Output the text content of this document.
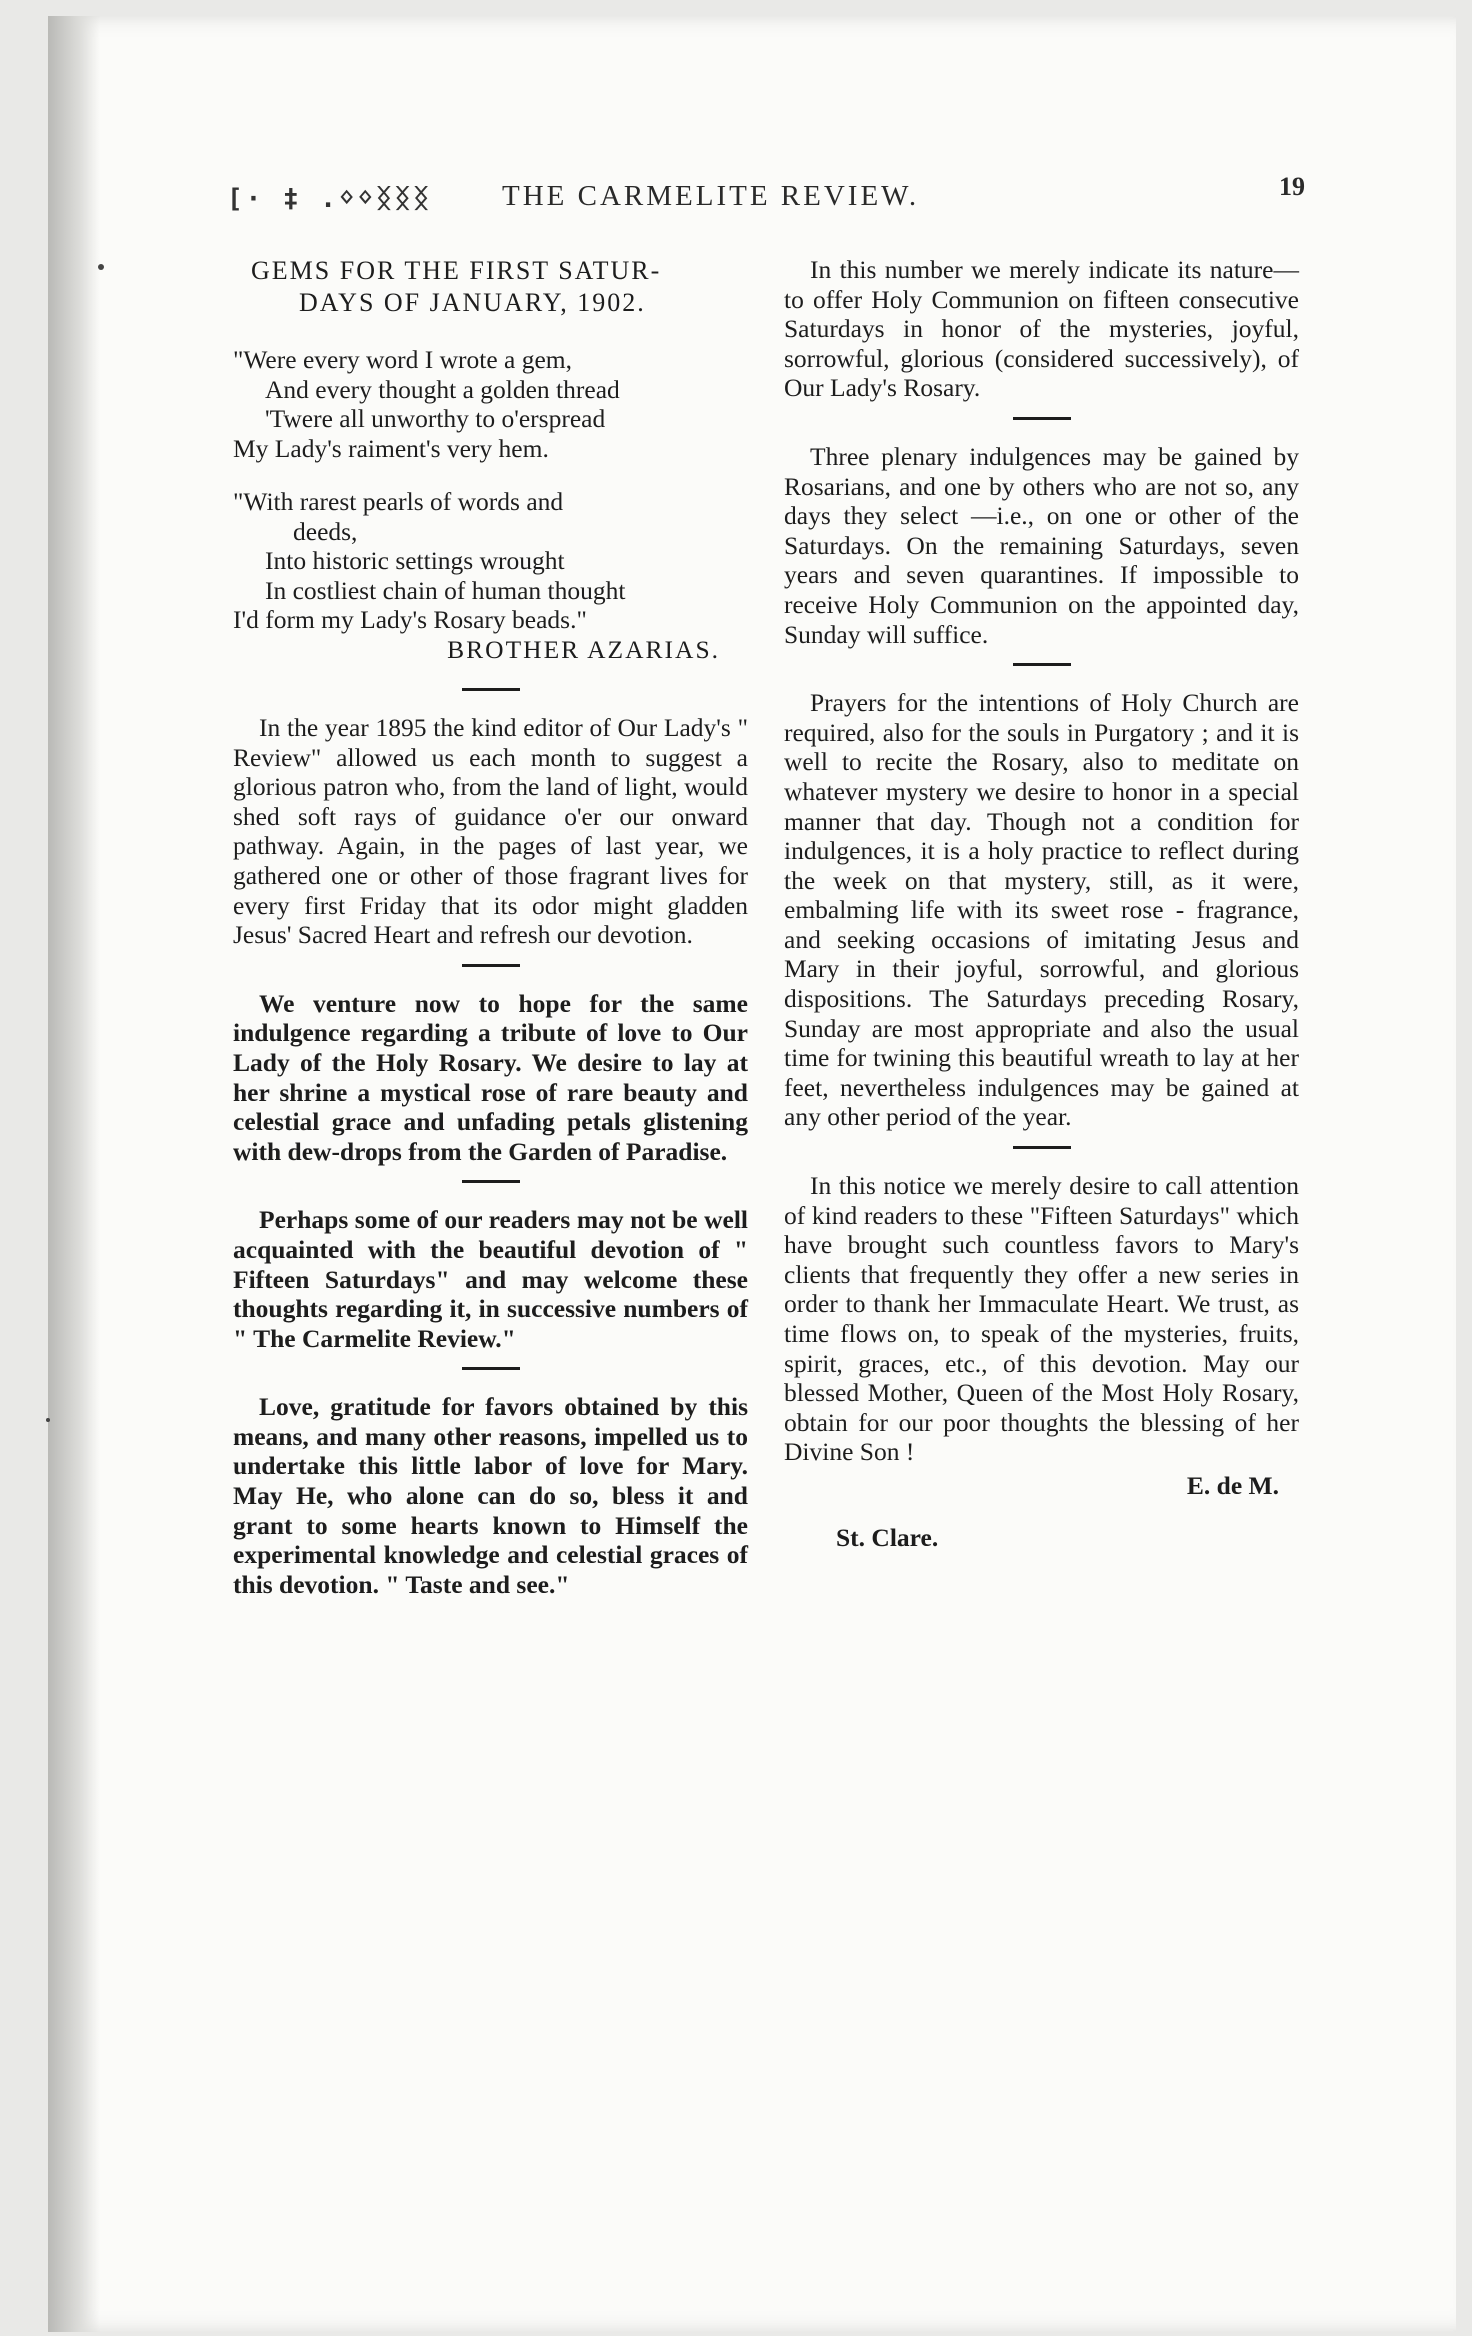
[· ‡ .ᛜᛜᛝᛝᛝ THE CARMELITE REVIEW.	19
GEMS FOR THE FIRST SATUR-
DAYS OF JANUARY, 1902.
"Were every word I wrote a gem,
And every thought a golden thread
'Twere all unworthy to o'erspread
My Lady's raiment's very hem.
"With rarest pearls of words and
deeds,
Into historic settings wrought
In costliest chain of human thought
I'd form my Lady's Rosary beads."
BROTHER AZARIAS.

In the year 1895 the kind editor of Our Lady's " Review" allowed us each month to suggest a glorious patron who, from the land of light, would shed soft rays of guidance o'er our onward pathway. Again, in the pages of last year, we gathered one or other of those fragrant lives for every first Friday that its odor might gladden Jesus' Sacred Heart and refresh our devotion.

We venture now to hope for the same indulgence regarding a tribute of love to Our Lady of the Holy Rosary. We desire to lay at her shrine a mystical rose of rare beauty and celestial grace and unfading petals glistening with dew-drops from the Garden of Paradise.

Perhaps some of our readers may not be well acquainted with the beautiful devotion of " Fifteen Saturdays" and may welcome these thoughts regarding it, in successive numbers of " The Carmelite Review."

Love, gratitude for favors obtained by this means, and many other reasons, impelled us to undertake this little labor of love for Mary. May He, who alone can do so, bless it and grant to some hearts known to Himself the experimental knowledge and celestial graces of this devotion. " Taste and see."

In this number we merely indicate its nature—to offer Holy Communion on fifteen consecutive Saturdays in honor of the mysteries, joyful, sorrowful, glorious (considered successively), of Our Lady's Rosary.

Three plenary indulgences may be gained by Rosarians, and one by others who are not so, any days they select —i.e., on one or other of the Saturdays. On the remaining Saturdays, seven years and seven quarantines. If impossible to receive Holy Communion on the appointed day, Sunday will suffice.

Prayers for the intentions of Holy Church are required, also for the souls in Purgatory ; and it is well to recite the Rosary, also to meditate on whatever mystery we desire to honor in a special manner that day. Though not a condition for indulgences, it is a holy practice to reflect during the week on that mystery, still, as it were, embalming life with its sweet rose - fragrance, and seeking occasions of imitating Jesus and Mary in their joyful, sorrowful, and glorious dispositions. The Saturdays preceding Rosary, Sunday are most appropriate and also the usual time for twining this beautiful wreath to lay at her feet, nevertheless indulgences may be gained at any other period of the year.

In this notice we merely desire to call attention of kind readers to these "Fifteen Saturdays" which have brought such countless favors to Mary's clients that frequently they offer a new series in order to thank her Immaculate Heart. We trust, as time flows on, to speak of the mysteries, fruits, spirit, graces, etc., of this devotion. May our blessed Mother, Queen of the Most Holy Rosary, obtain for our poor thoughts the blessing of her Divine Son !

E. de M.
St. Clare.
